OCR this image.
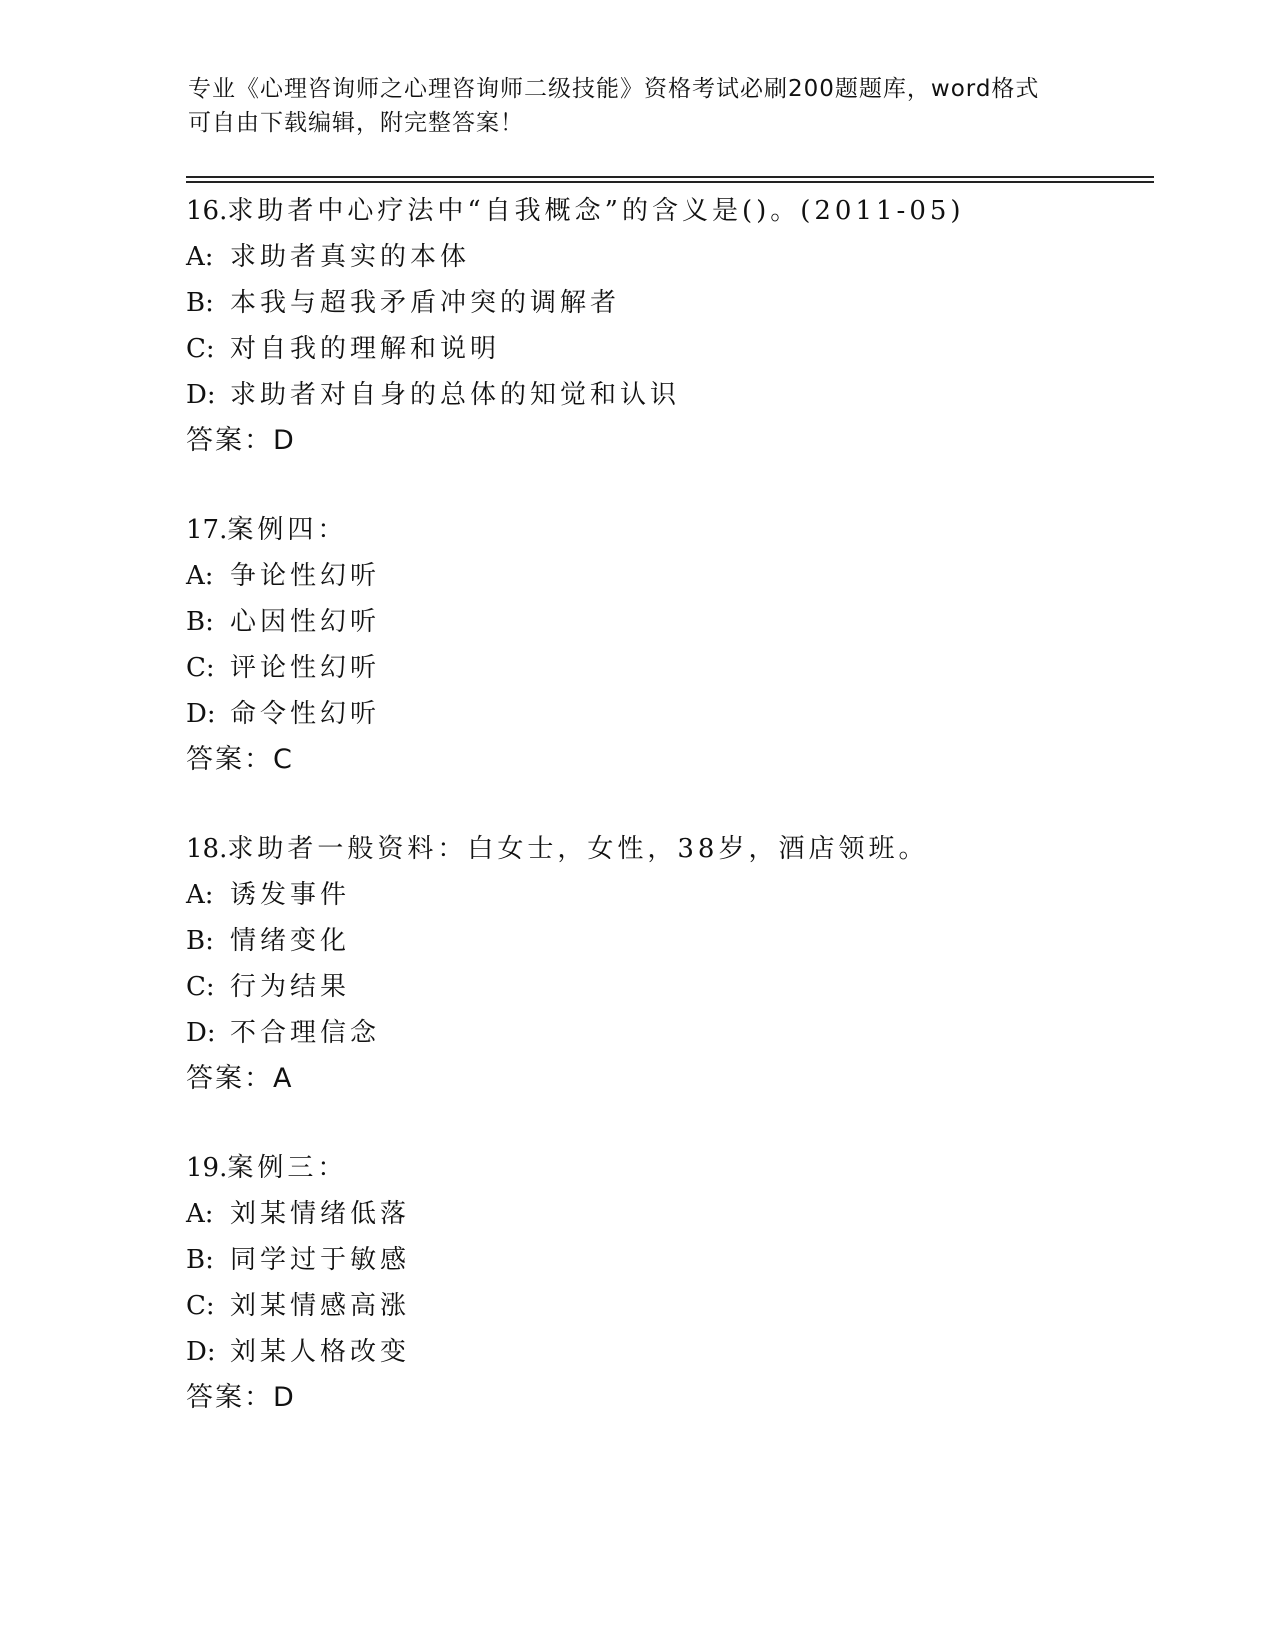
专业《心理咨询师之心理咨询师二级技能》资格考试必刷200题题库，word格式
可自由下载编辑，附完整答案！
16.求助者中心疗法中“自我概念”的含义是()。(2011-05)
A: 求助者真实的本体
B: 本我与超我矛盾冲突的调解者
C: 对自我的理解和说明
D: 求助者对自身的总体的知觉和认识
答案：D
17.案例四：
A: 争论性幻听
B: 心因性幻听
C: 评论性幻听
D: 命令性幻听
答案：C
18.求助者一般资料：白女士，女性，38岁，酒店领班。
A: 诱发事件
B: 情绪变化
C: 行为结果
D: 不合理信念
答案：A
19.案例三：
A: 刘某情绪低落
B: 同学过于敏感
C: 刘某情感高涨
D: 刘某人格改变
答案：D
